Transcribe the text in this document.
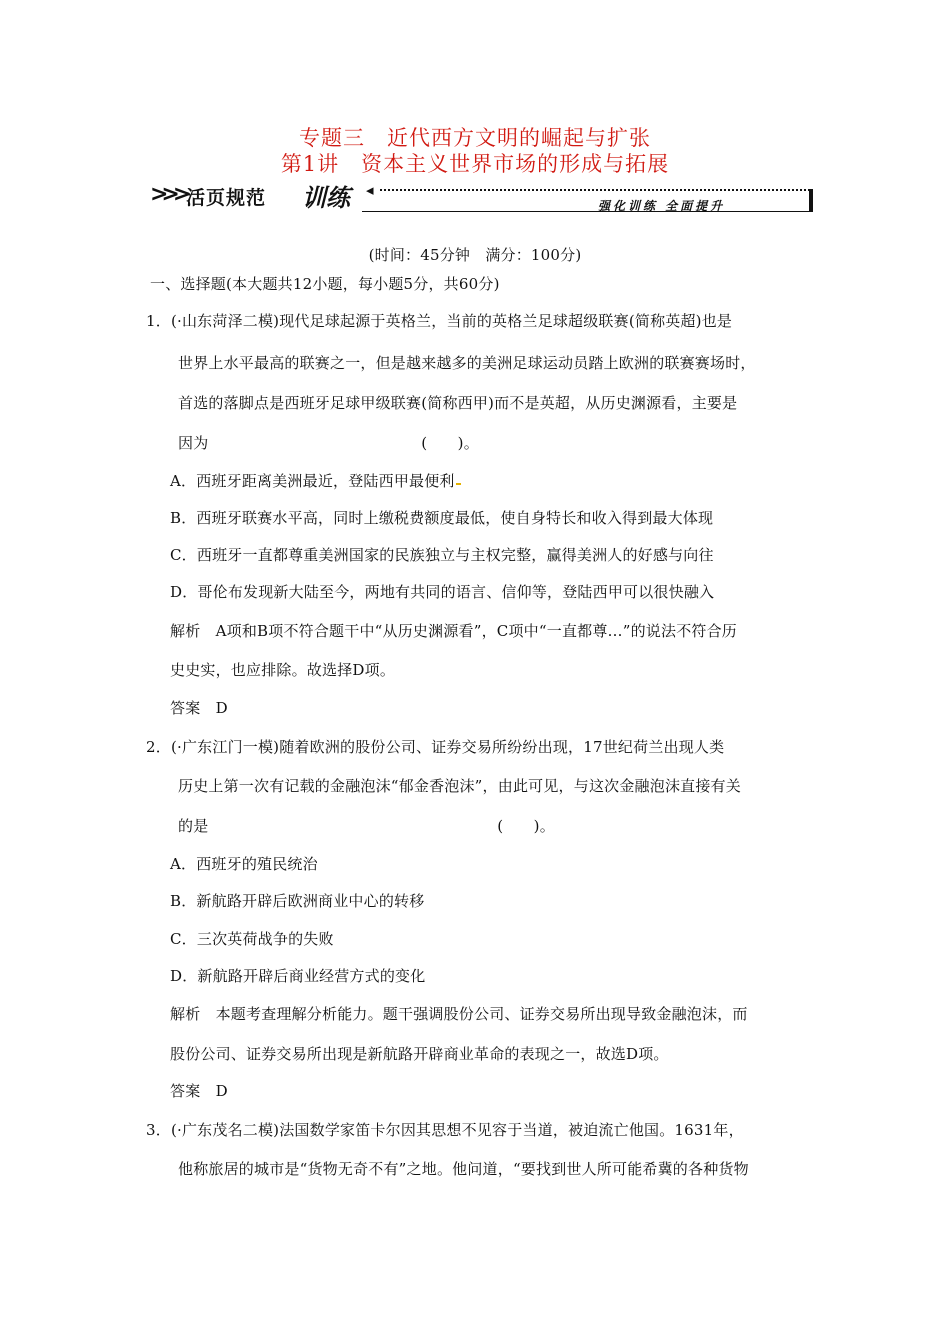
专题三　近代西方文明的崛起与扩张
第1讲　资本主义世界市场的形成与拓展
>>> 活页规范 训练 ◂
强化训练 全面提升
(时间：45分钟　满分：100分)
一、选择题(本大题共12小题，每小题5分，共60分)
1．(·山东菏泽二模)现代足球起源于英格兰，当前的英格兰足球超级联赛(简称英超)也是
世界上水平最高的联赛之一，但是越来越多的美洲足球运动员踏上欧洲的联赛赛场时，
首选的落脚点是西班牙足球甲级联赛(简称西甲)而不是英超，从历史渊源看，主要是
因为　　　　　　　　　　　　　　(　　)。
A．西班牙距离美洲最近，登陆西甲最便利
B．西班牙联赛水平高，同时上缴税费额度最低，使自身特长和收入得到最大体现
C．西班牙一直都尊重美洲国家的民族独立与主权完整，赢得美洲人的好感与向往
D．哥伦布发现新大陆至今，两地有共同的语言、信仰等，登陆西甲可以很快融入
解析　A项和B项不符合题干中“从历史渊源看”，C项中“一直都尊…”的说法不符合历
史史实，也应排除。故选择D项。
答案　D
2．(·广东江门一模)随着欧洲的股份公司、证券交易所纷纷出现，17世纪荷兰出现人类
历史上第一次有记载的金融泡沫“郁金香泡沫”，由此可见，与这次金融泡沫直接有关
的是　　　　　　　　　　　　　　　　　　　(　　)。
A．西班牙的殖民统治
B．新航路开辟后欧洲商业中心的转移
C．三次英荷战争的失败
D．新航路开辟后商业经营方式的变化
解析　本题考查理解分析能力。题干强调股份公司、证券交易所出现导致金融泡沫，而
股份公司、证券交易所出现是新航路开辟商业革命的表现之一，故选D项。
答案　D
3．(·广东茂名二模)法国数学家笛卡尔因其思想不见容于当道，被迫流亡他国。1631年，
他称旅居的城市是“货物无奇不有”之地。他问道，“要找到世人所可能希冀的各种货物
